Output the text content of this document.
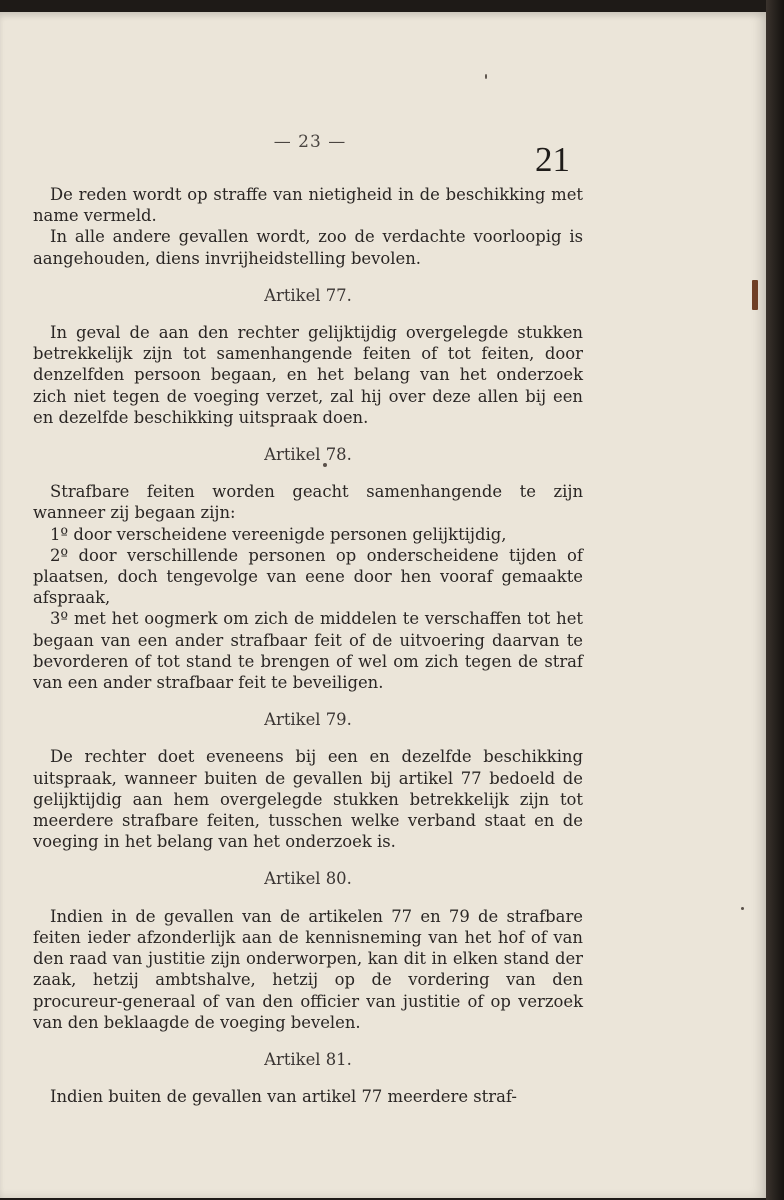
— 23 —	21

De reden wordt op straffe van nietigheid in de beschikking met name vermeld.

In alle andere gevallen wordt, zoo de verdachte voorloopig is aangehouden, diens invrijheidstelling bevolen.

Artikel 77.

In geval de aan den rechter gelijktijdig overgelegde stukken betrekkelijk zijn tot samenhangende feiten of tot feiten, door denzelfden persoon begaan, en het belang van het onderzoek zich niet tegen de voeging verzet, zal hij over deze allen bij een en dezelfde beschikking uitspraak doen.

Artikel 78.

Strafbare feiten worden geacht samenhangende te zijn wanneer zij begaan zijn:

1º door verscheidene vereenigde personen gelijktijdig,

2º door verschillende personen op onderscheidene tijden of plaatsen, doch tengevolge van eene door hen vooraf gemaakte afspraak,

3º met het oogmerk om zich de middelen te verschaffen tot het begaan van een ander strafbaar feit of de uitvoering daarvan te bevorderen of tot stand te brengen of wel om zich tegen de straf van een ander strafbaar feit te beveiligen.

Artikel 79.

De rechter doet eveneens bij een en dezelfde beschikking uitspraak, wanneer buiten de gevallen bij artikel 77 bedoeld de gelijktijdig aan hem overgelegde stukken betrekkelijk zijn tot meerdere strafbare feiten, tusschen welke verband staat en de voeging in het belang van het onderzoek is.

Artikel 80.

Indien in de gevallen van de artikelen 77 en 79 de strafbare feiten ieder afzonderlijk aan de kennisneming van het hof of van den raad van justitie zijn onderworpen, kan dit in elken stand der zaak, hetzij ambtshalve, hetzij op de vordering van den procureur-generaal of van den officier van justitie of op verzoek van den beklaagde de voeging bevelen.

Artikel 81.

Indien buiten de gevallen van artikel 77 meerdere straf-
